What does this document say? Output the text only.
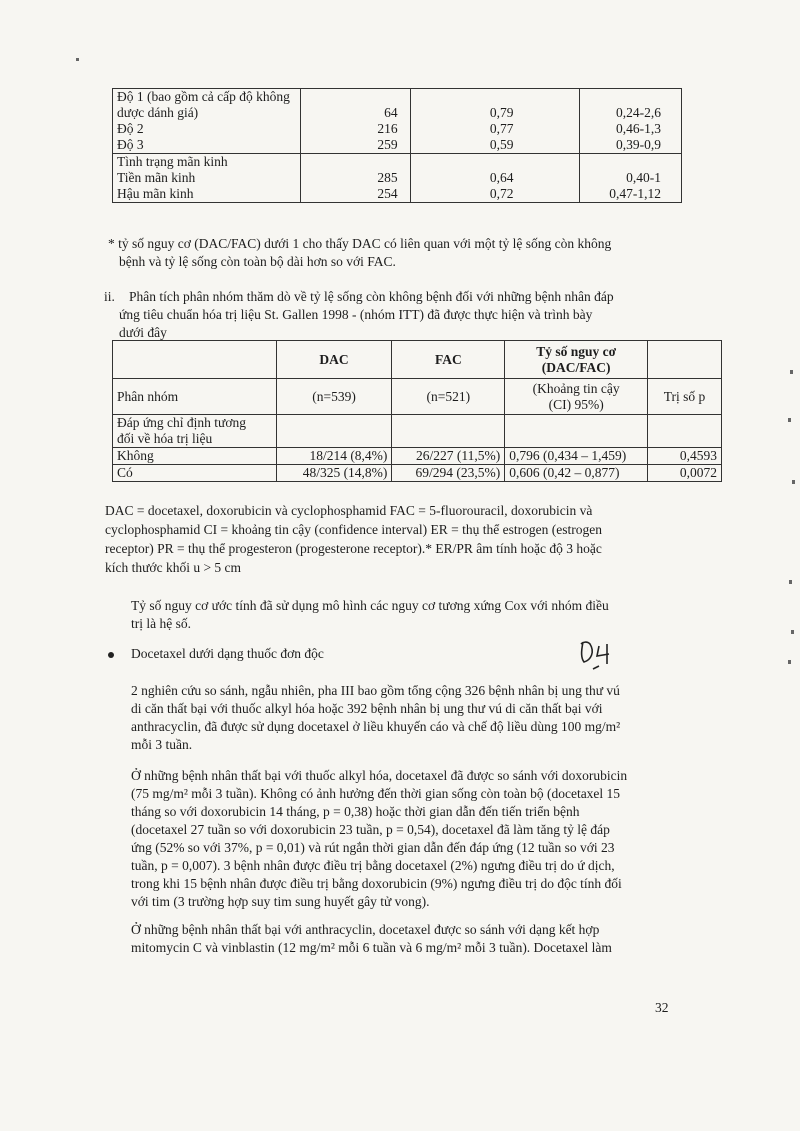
Độ 1 (bao gồm cả cấp độ không			
dược dánh giá)	64	0,79	0,24-2,6
Độ 2	216	0,77	0,46-1,3
Độ 3	259	0,59	0,39-0,9
Tình trạng mãn kinh			
Tiền mãn kinh	285	0,64	0,40-1
Hậu mãn kinh	254	0,72	0,47-1,12
* tỷ số nguy cơ (DAC/FAC) dưới 1 cho thấy DAC có liên quan với một tỷ lệ sống còn không
bệnh và tỷ lệ sống còn toàn bộ dài hơn so với FAC.
ii. Phân tích phân nhóm thăm dò về tỷ lệ sống còn không bệnh đối với những bệnh nhân đáp
ứng tiêu chuẩn hóa trị liệu St. Gallen 1998 - (nhóm ITT) đã được thực hiện và trình bày
dưới đây
	DAC	FAC	Tỷ số nguy cơ
(DAC/FAC)	

Phân nhóm	(n=539)	(n=521)	(Khoảng tin cậy
(CI) 95%)	Trị số p

Đáp ứng chỉ định tương
đối về hóa trị liệu				

Không	18/214 (8,4%)	26/227 (11,5%)	0,796 (0,434 – 1,459)	0,4593
Có	48/325 (14,8%)	69/294 (23,5%)	0,606 (0,42 – 0,877)	0,0072
DAC = docetaxel, doxorubicin và cyclophosphamid FAC = 5-fluorouracil, doxorubicin và
cyclophosphamid CI = khoảng tin cậy (confidence interval) ER = thụ thể estrogen (estrogen
receptor) PR = thụ thể progesteron (progesterone receptor).* ER/PR âm tính hoặc độ 3 hoặc
kích thước khối u > 5 cm
Tỷ số nguy cơ ước tính đã sử dụng mô hình các nguy cơ tương xứng Cox với nhóm điều
trị là hệ số.
Docetaxel dưới dạng thuốc đơn độc
2 nghiên cứu so sánh, ngẫu nhiên, pha III bao gồm tổng cộng 326 bệnh nhân bị ung thư vú
di căn thất bại với thuốc alkyl hóa hoặc 392 bệnh nhân bị ung thư vú di căn thất bại với
anthracyclin, đã được sử dụng docetaxel ở liều khuyến cáo và chế độ liều dùng 100 mg/m²
mỗi 3 tuần.
Ở những bệnh nhân thất bại với thuốc alkyl hóa, docetaxel đã được so sánh với doxorubicin
(75 mg/m² mỗi 3 tuần). Không có ảnh hưởng đến thời gian sống còn toàn bộ (docetaxel 15
tháng so với doxorubicin 14 tháng, p = 0,38) hoặc thời gian dẫn đến tiến triển bệnh
(docetaxel 27 tuần so với doxorubicin 23 tuần, p = 0,54), docetaxel đã làm tăng tỷ lệ đáp
ứng (52% so với 37%, p = 0,01) và rút ngắn thời gian dẫn đến đáp ứng (12 tuần so với 23
tuần, p = 0,007). 3 bệnh nhân được điều trị bằng docetaxel (2%) ngưng điều trị do ứ dịch,
trong khi 15 bệnh nhân được điều trị bằng doxorubicin (9%) ngưng điều trị do độc tính đối
với tim (3 trường hợp suy tim sung huyết gây tử vong).
Ở những bệnh nhân thất bại với anthracyclin, docetaxel được so sánh với dạng kết hợp
mitomycin C và vinblastin (12 mg/m² mỗi 6 tuần và 6 mg/m² mỗi 3 tuần). Docetaxel làm
32
